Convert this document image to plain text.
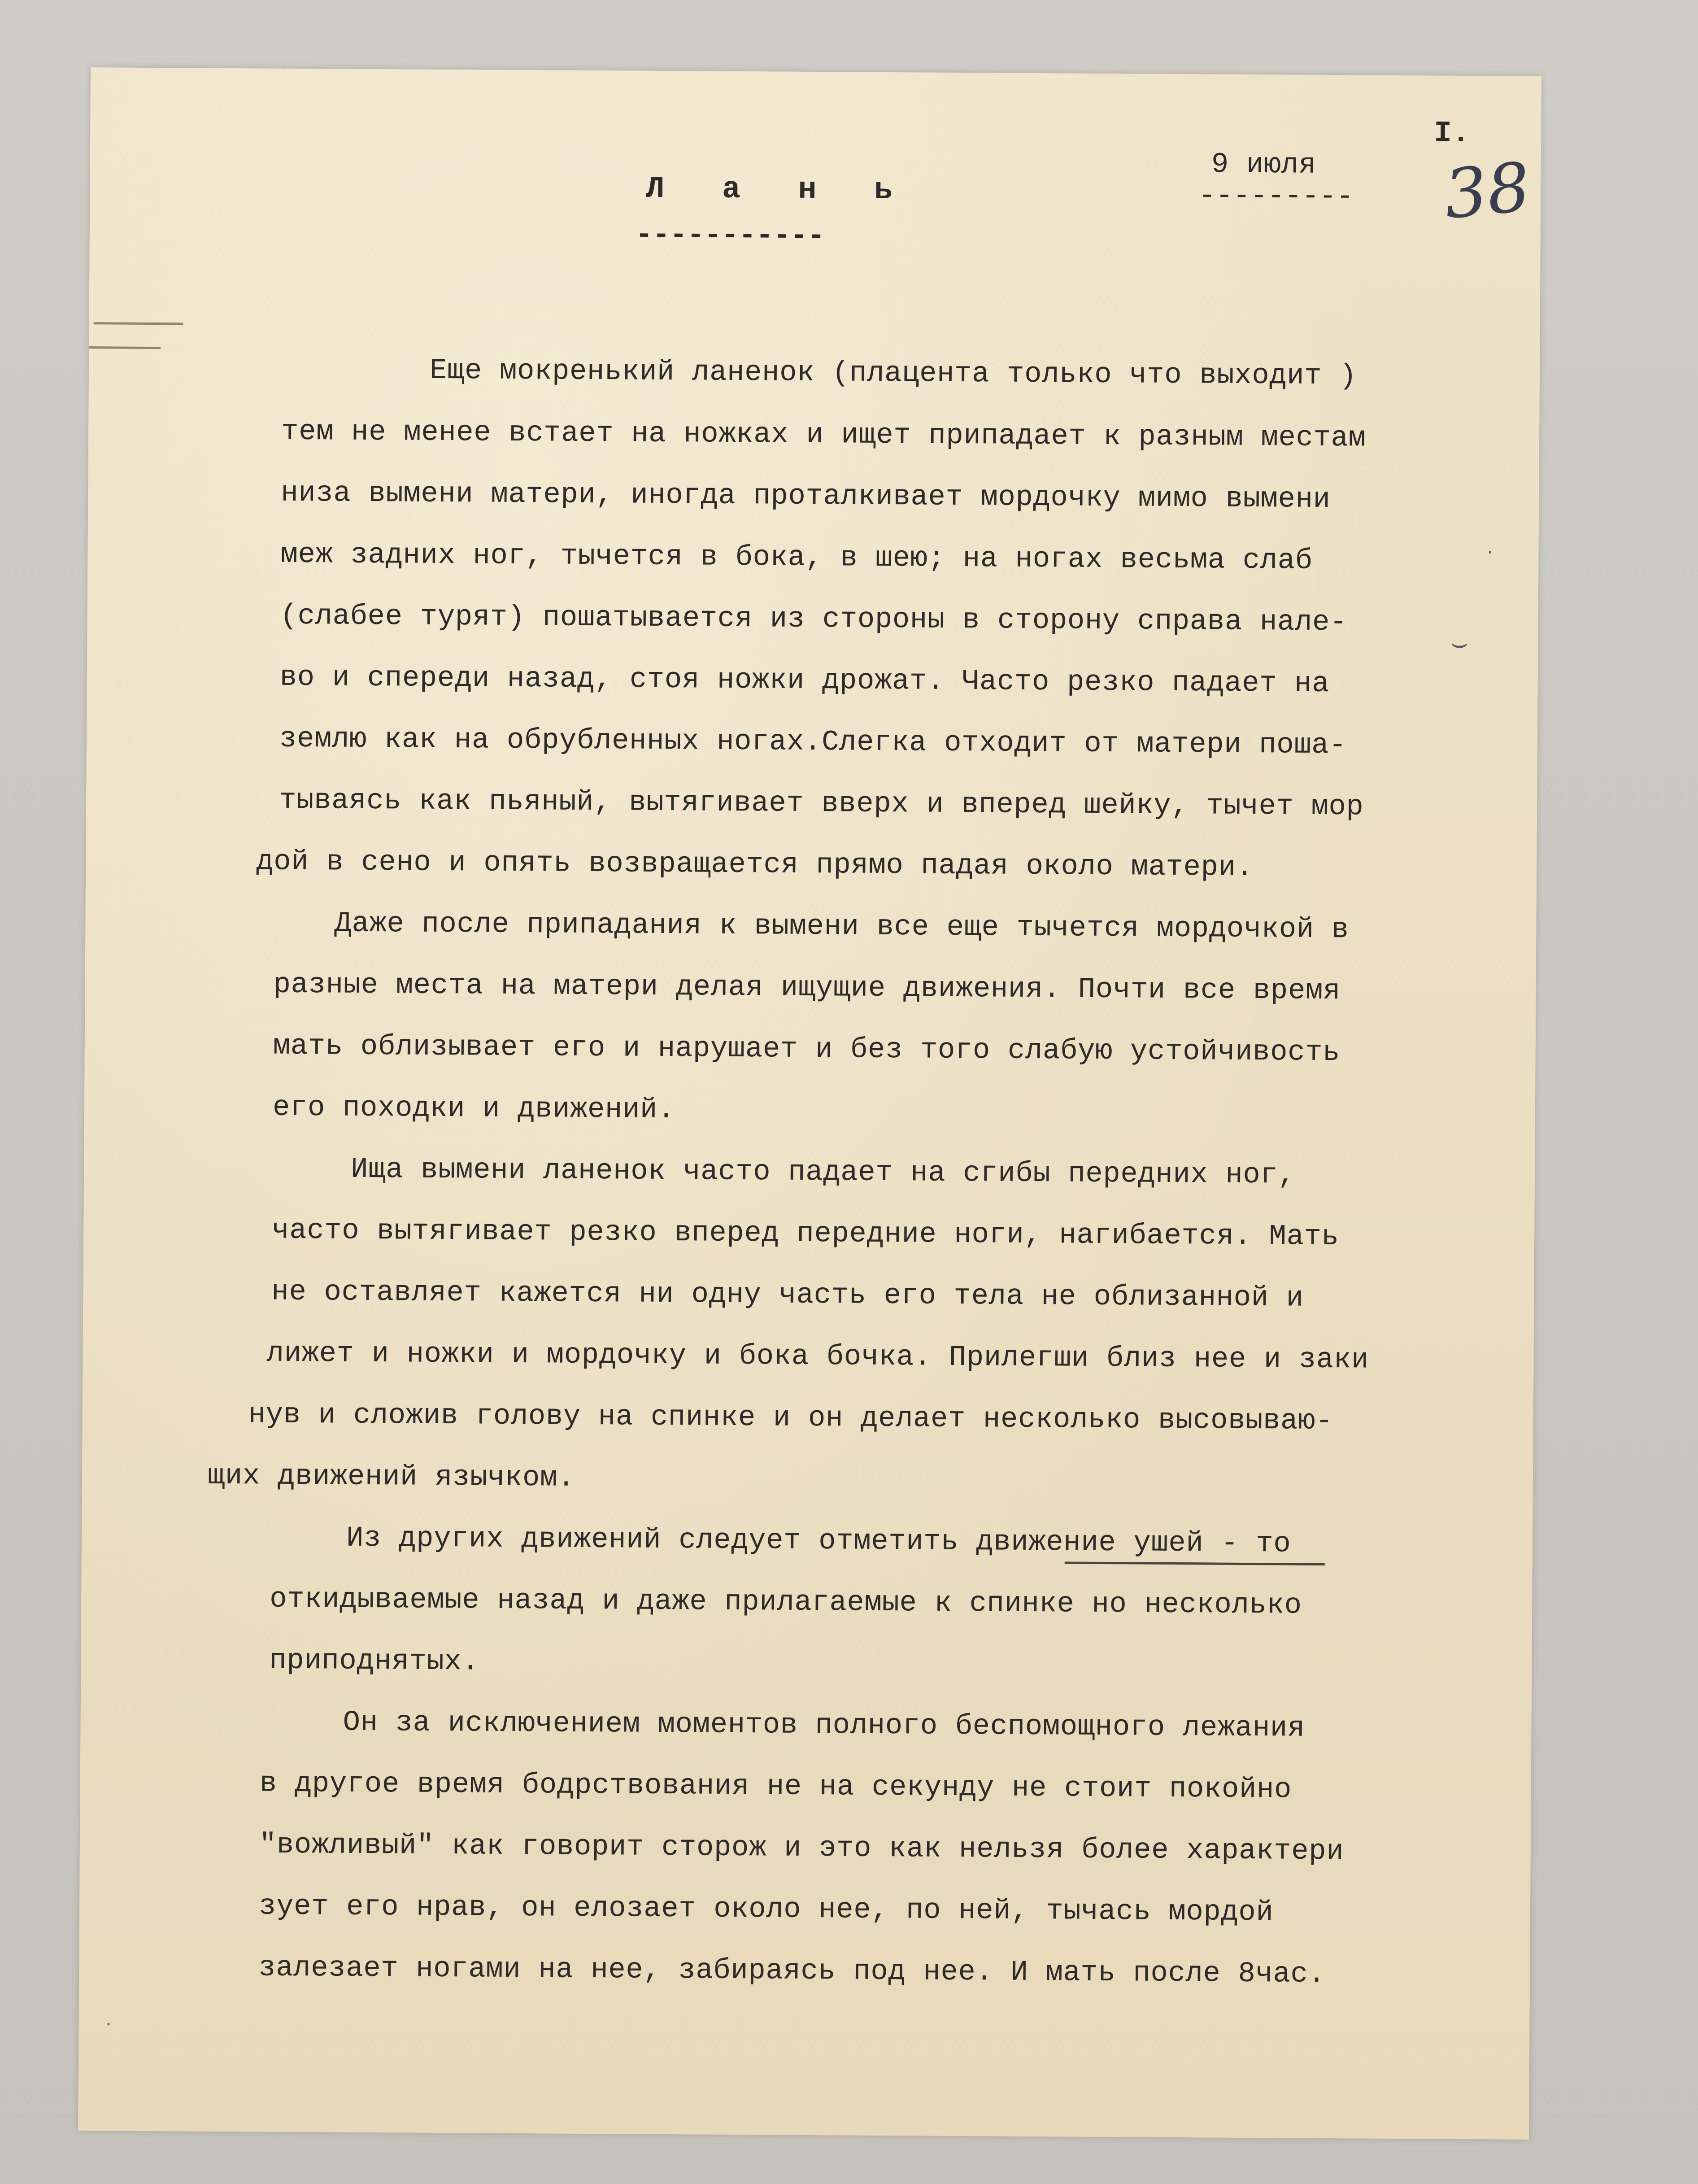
I.
38
9 июля
---------
Л а н ь
-----------
Еще мокренький ланенок (плацента только что выходит )
тем не менее встает на ножках и ищет припадает к разным местам
низа вымени матери, иногда проталкивает мордочку мимо вымени
меж задних ног, тычется в бока, в шею; на ногах весьма слаб
(слабее турят) пошатывается из стороны в сторону справа нале-
во и спереди назад, стоя ножки дрожат. Часто резко падает на
землю как на обрубленных ногах.Слегка отходит от матери поша-
тываясь как пьяный, вытягивает вверх и вперед шейку, тычет мор
дой в сено и опять возвращается прямо падая около матери.
Даже после припадания к вымени все еще тычется мордочкой в
разные места на матери делая ищущие движения. Почти все время
мать облизывает его и нарушает и без того слабую устойчивость
его походки и движений.
Ища вымени ланенок часто падает на сгибы передних ног,
часто вытягивает резко вперед передние ноги, нагибается. Мать
не оставляет кажется ни одну часть его тела не облизанной и
лижет и ножки и мордочку и бока бочка. Прилегши близ нее и заки
нув и сложив голову на спинке и он делает несколько высовываю-
щих движений язычком.
Из других движений следует отметить движение ушей - то
откидываемые назад и даже прилагаемые к спинке но несколько
приподнятых.
Он за исключением моментов полного беспомощного лежания
в другое время бодрствования не на секунду не стоит покойно
"вожливый" как говорит сторож и это как нельзя более характери
зует его нрав, он елозает около нее, по ней, тычась мордой
залезает ногами на нее, забираясь под нее. И мать после 8час.
⌣
·
·
